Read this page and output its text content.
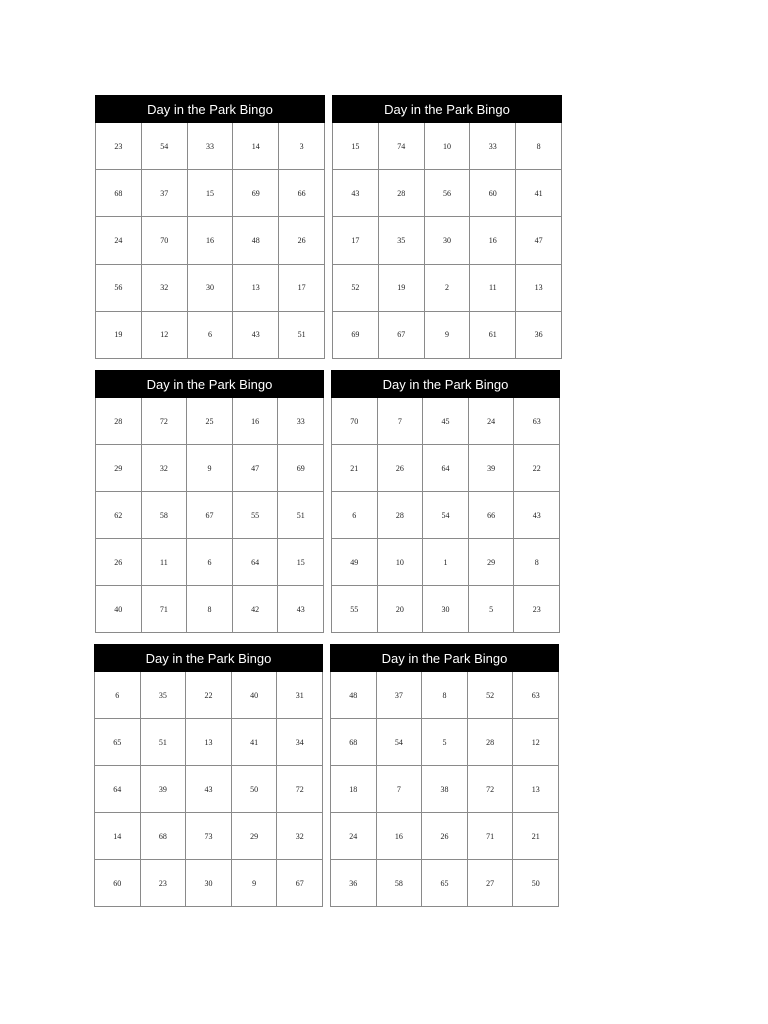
Day in the Park Bingo
23	54	33	14	3
68	37	15	69	66
24	70	16	48	26
56	32	30	13	17
19	12	6	43	51
Day in the Park Bingo
15	74	10	33	8
43	28	56	60	41
17	35	30	16	47
52	19	2	11	13
69	67	9	61	36
Day in the Park Bingo
28	72	25	16	33
29	32	9	47	69
62	58	67	55	51
26	11	6	64	15
40	71	8	42	43
Day in the Park Bingo
70	7	45	24	63
21	26	64	39	22
6	28	54	66	43
49	10	1	29	8
55	20	30	5	23
Day in the Park Bingo
6	35	22	40	31
65	51	13	41	34
64	39	43	50	72
14	68	73	29	32
60	23	30	9	67
Day in the Park Bingo
48	37	8	52	63
68	54	5	28	12
18	7	38	72	13
24	16	26	71	21
36	58	65	27	50
